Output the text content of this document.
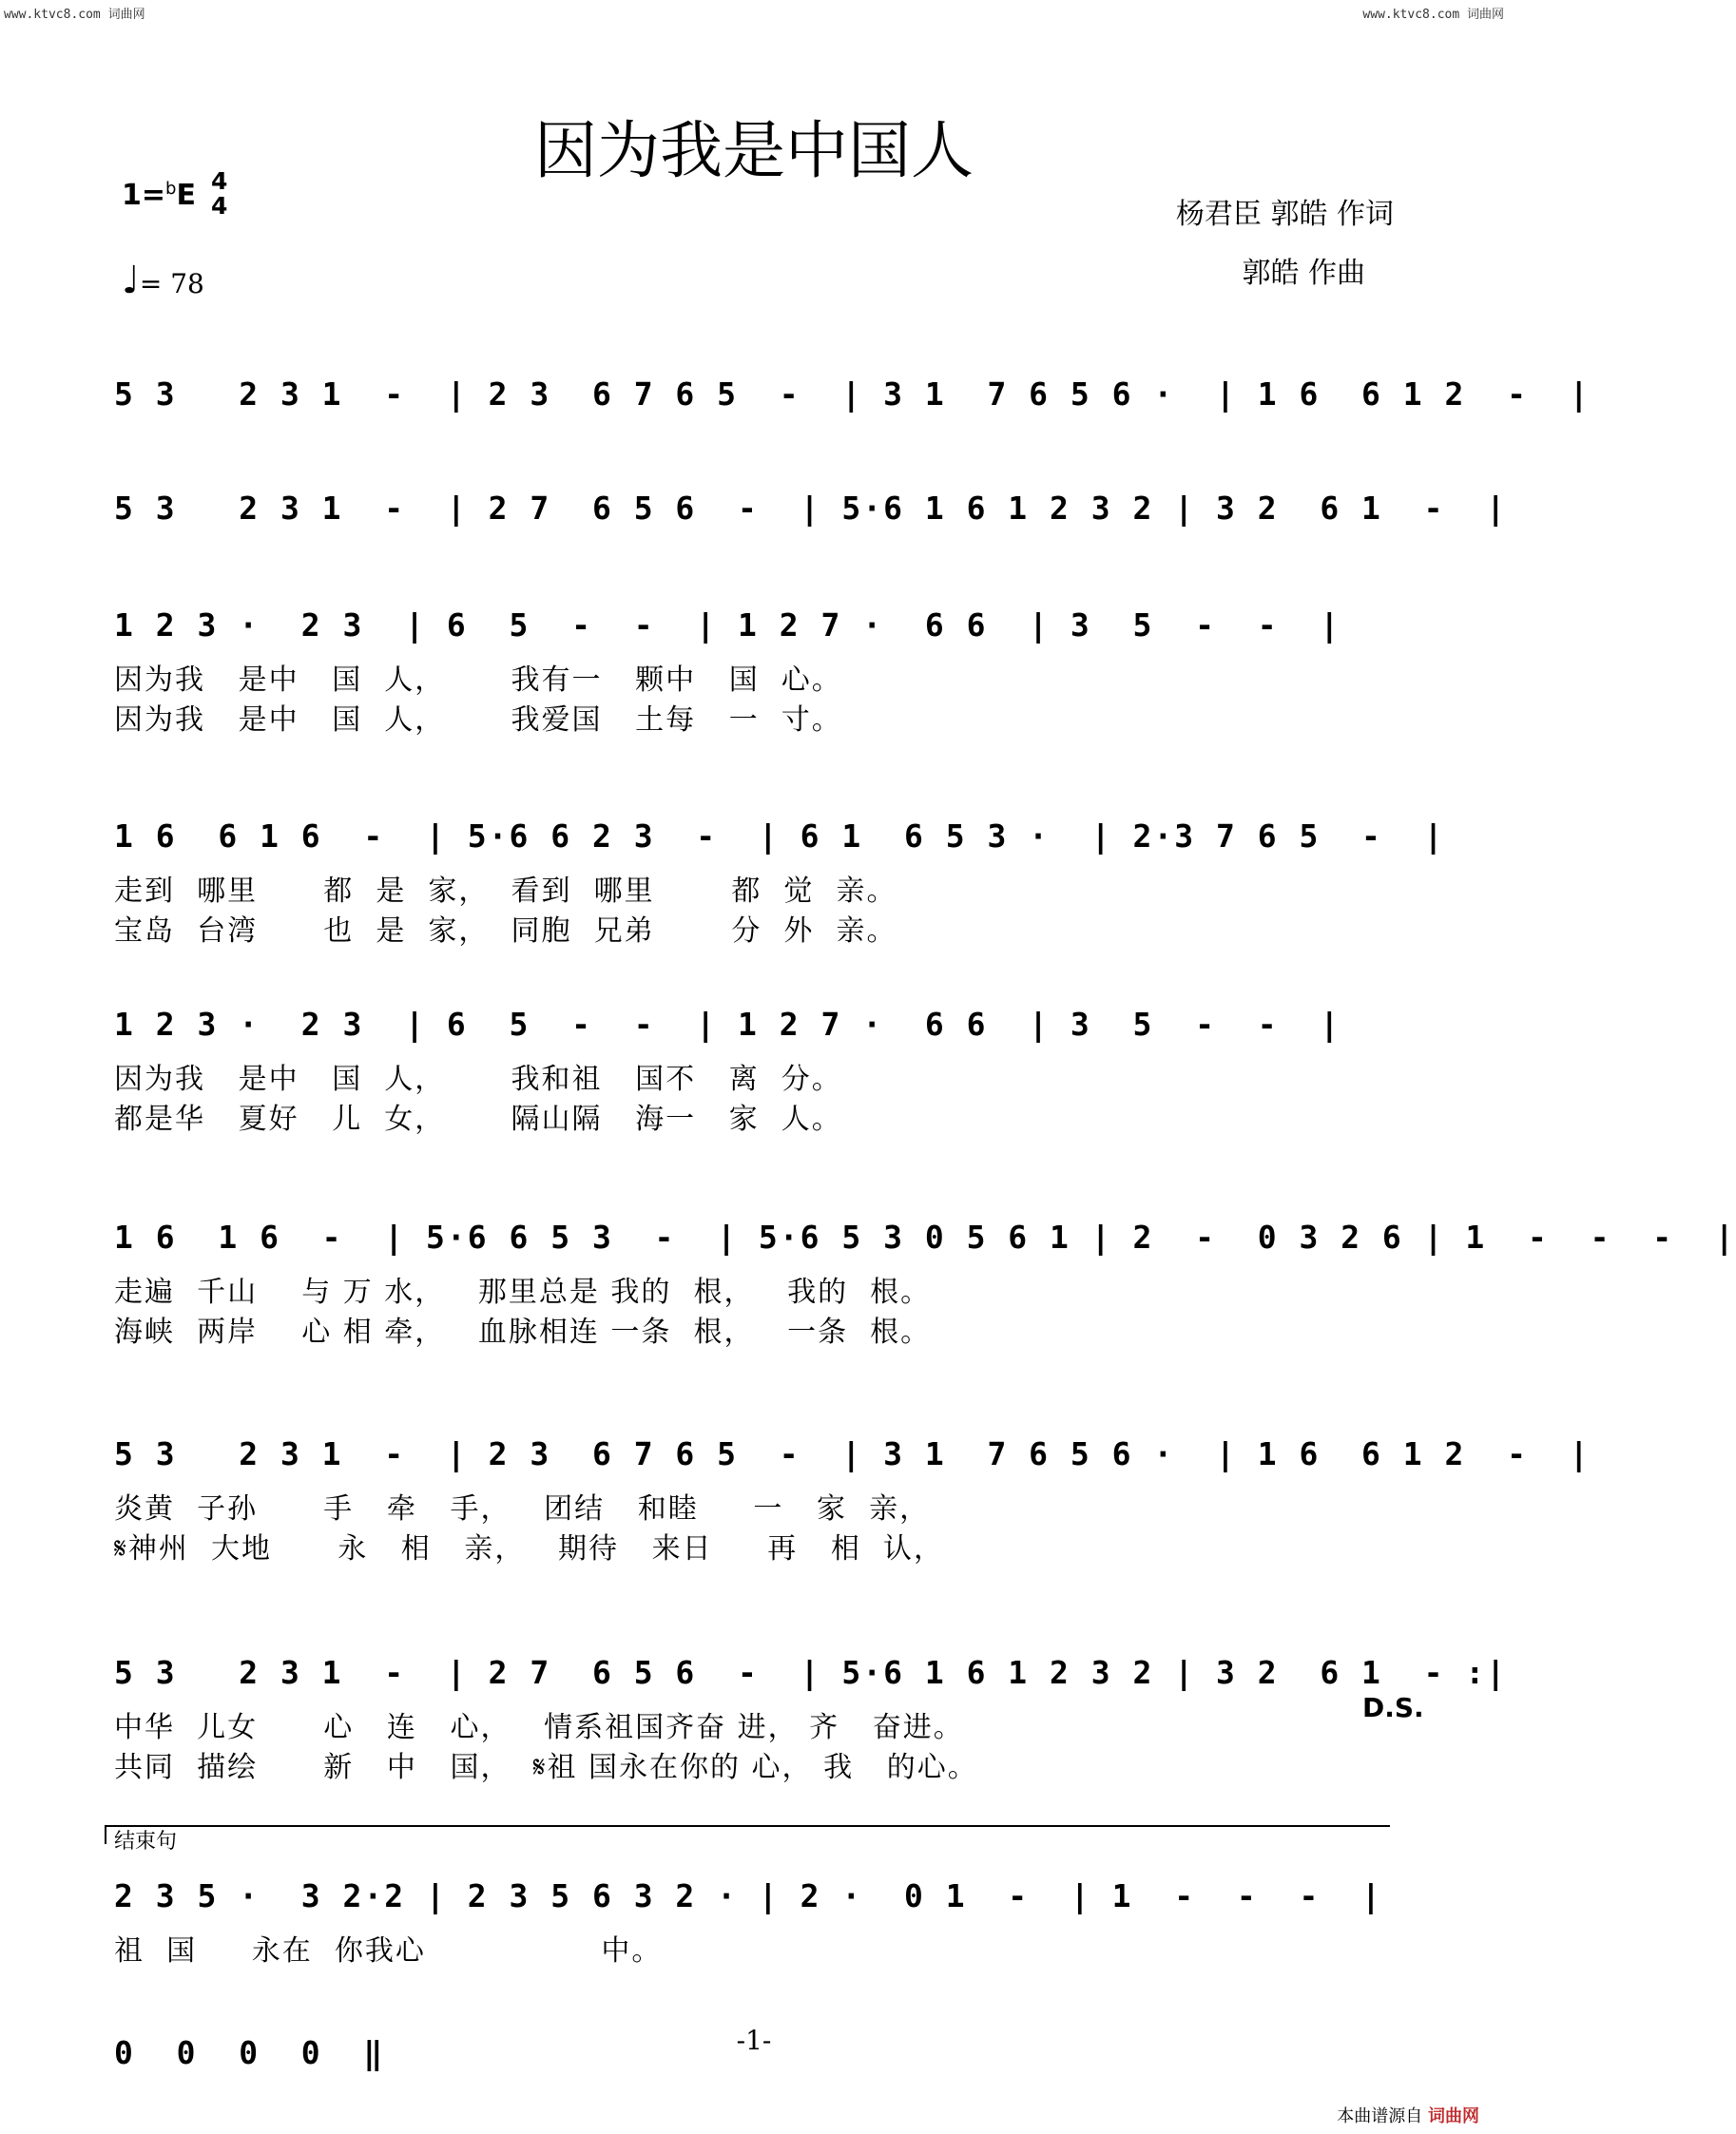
www.ktvc8.com 词曲网	www.ktvc8.com 词曲网
因为我是中国人
1=$^b$E 4
4
♩= 78
杨君臣 郭皓 作词
郭皓 作曲
5 3   2 3 1  -  | 2 3  6 7 6 5  -  | 3 1  7 6 5 6 ·  | 1 6  6 1 2  -  |
5 3   2 3 1  -  | 2 7  6 5 6  -  | 5·6 1 6 1 2 3 2 | 3 2  6 1  -  |
1 2 3 ·  2 3  | 6  5  -  -  | 1 2 7 ·  6 6  | 3  5  -  -  |
因为我   是中   国  人，      我有一   颗中   国  心。
因为我   是中   国  人，      我爱国   土每   一  寸。
1 6  6 1 6  -  | 5·6 6 2 3  -  | 6 1  6 5 3 ·  | 2·3 7 6 5  -  |
走到  哪里      都  是  家，  看到  哪里       都  觉  亲。
宝岛  台湾      也  是  家，  同胞  兄弟       分  外  亲。
1 2 3 ·  2 3  | 6  5  -  -  | 1 2 7 ·  6 6  | 3  5  -  -  |
因为我   是中   国  人，      我和祖   国不   离  分。
都是华   夏好   儿  女，      隔山隔   海一   家  人。
1 6  1 6  -  | 5·6 6 5 3  -  | 5·6 5 3 0 5 6 1 | 2  -  0 3 2 6 | 1  -  -  -  |
走遍  千山    与 万 水，   那里总是 我的  根，   我的  根。
海峡  两岸    心 相 牵，   血脉相连 一条  根，   一条  根。
5 3   2 3 1  -  | 2 3  6 7 6 5  -  | 3 1  7 6 5 6 ·  | 1 6  6 1 2  -  |
炎黄  子孙      手   牵   手，   团结   和睦     一   家  亲，
𝄋神州  大地      永   相   亲，   期待   来日     再   相  认，
5 3   2 3 1  -  | 2 7  6 5 6  -  | 5·6 1 6 1 2 3 2 | 3 2  6 1  - :|
中华  儿女      心   连   心，   情系祖国齐奋 进， 齐   奋进。
共同  描绘      新   中   国，  𝄋祖 国永在你的 心， 我   的心。
2 3 5 ·  3 2·2 | 2 3 5 6 3 2 · | 2 ·  0 1  -  | 1  -  -  -  |
祖  国     永在  你我心                中。
0  0  0  0  ‖
结束句
D.S.
-1-
本曲谱源自 词曲网
